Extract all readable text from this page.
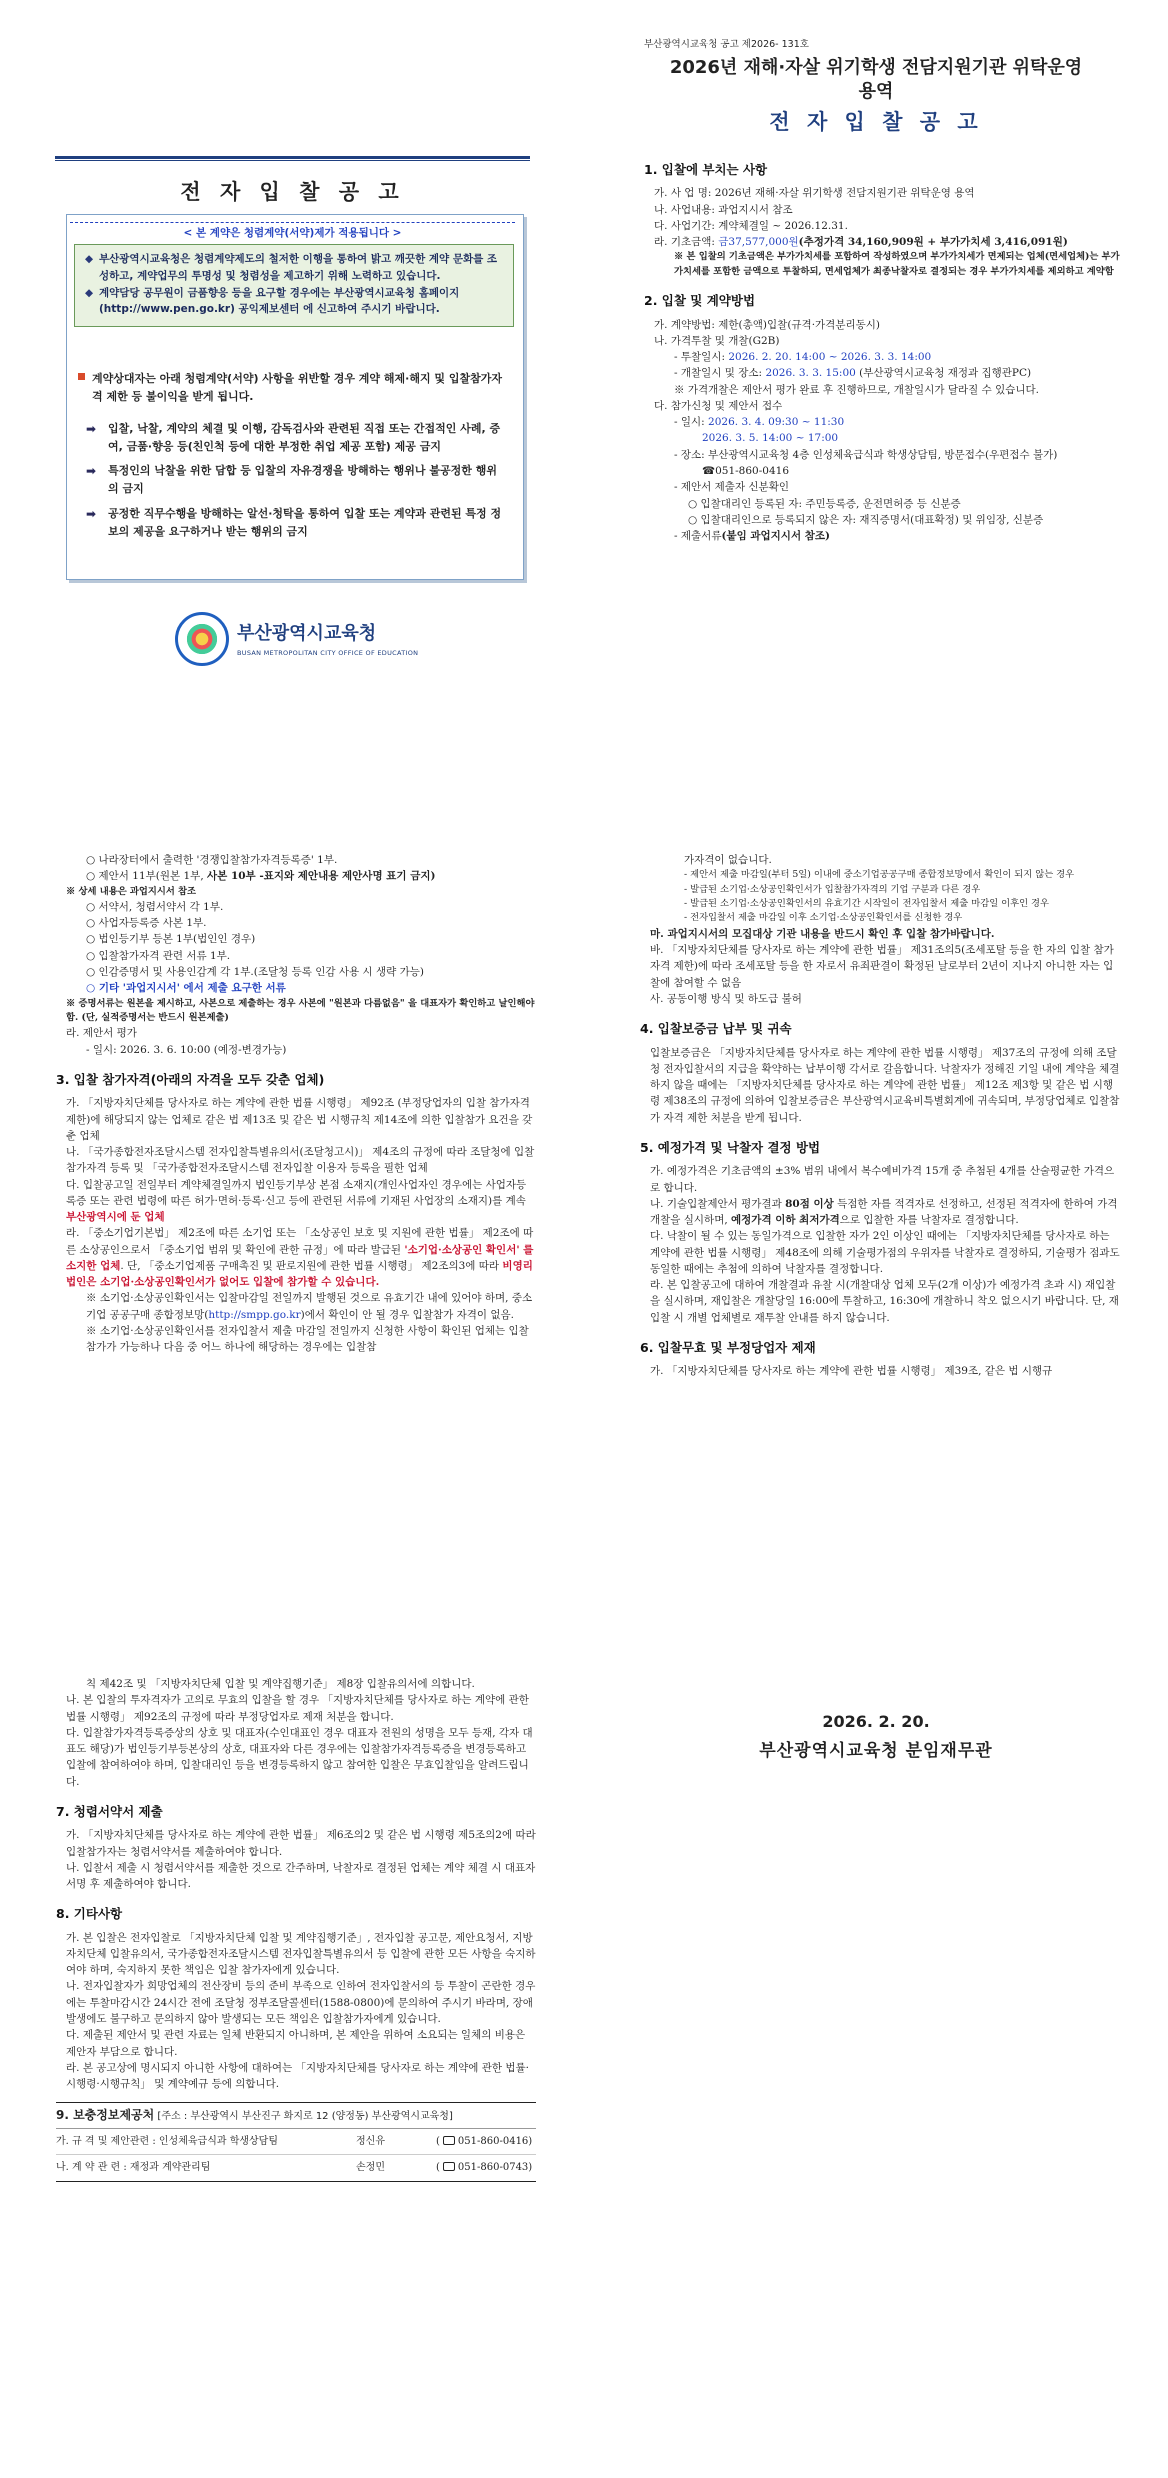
전 자 입 찰 공 고
< 본 계약은 청렴계약(서약)제가 적용됩니다 >
◆ 부산광역시교육청은 청렴계약제도의 철저한 이행을 통하여 밝고 깨끗한 계약 문화를 조성하고, 계약업무의 투명성 및 청렴성을 제고하기 위해 노력하고 있습니다.
◆ 계약담당 공무원이 금품향응 등을 요구할 경우에는 부산광역시교육청 홈페이지(http://www.pen.go.kr) 공익제보센터 에 신고하여 주시기 바랍니다.
계약상대자는 아래 청렴계약(서약) 사항을 위반할 경우 계약 해제·해지 및 입찰참가자격 제한 등 불이익을 받게 됩니다.
➡ 입찰, 낙찰, 계약의 체결 및 이행, 감독검사와 관련된 직접 또는 간접적인 사례, 증여, 금품·향응 등(친인척 등에 대한 부정한 취업 제공 포함) 제공 금지
➡ 특정인의 낙찰을 위한 담합 등 입찰의 자유경쟁을 방해하는 행위나 불공정한 행위의 금지
➡ 공정한 직무수행을 방해하는 알선·청탁을 통하여 입찰 또는 계약과 관련된 특정 정보의 제공을 요구하거나 받는 행위의 금지
부산광역시교육청
BUSAN METROPOLITAN CITY OFFICE OF EDUCATION
부산광역시교육청 공고 제2026- 131호
2026년 재해·자살 위기학생 전담지원기관 위탁운영
용역
전 자 입 찰 공 고
1. 입찰에 부치는 사항
가. 사 업 명: 2026년 재해·자살 위기학생 전담지원기관 위탁운영 용역
나. 사업내용: 과업지시서 참조
다. 사업기간: 계약체결일 ~ 2026.12.31.
라. 기초금액: 금37,577,000원(추정가격 34,160,909원 + 부가가치세 3,416,091원)
※ 본 입찰의 기초금액은 부가가치세를 포함하여 작성하였으며 부가가치세가 면제되는 업체(면세업체)는 부가가치세를 포함한 금액으로 투찰하되, 면세업체가 최종낙찰자로 결정되는 경우 부가가치세를 제외하고 계약함
2. 입찰 및 계약방법
가. 계약방법: 제한(총액)입찰(규격·가격분리동시)
나. 가격투찰 및 개찰(G2B)
- 투찰일시: 2026. 2. 20. 14:00 ~ 2026. 3. 3. 14:00
- 개찰일시 및 장소: 2026. 3. 3. 15:00 (부산광역시교육청 재정과 집행관PC)
※ 가격개찰은 제안서 평가 완료 후 진행하므로, 개찰일시가 달라질 수 있습니다.
다. 참가신청 및 제안서 접수
- 일시: 2026. 3. 4. 09:30 ~ 11:30
2026. 3. 5. 14:00 ~ 17:00
- 장소: 부산광역시교육청 4층 인성체육급식과 학생상담팀, 방문접수(우편접수 불가)
☎051-860-0416
- 제안서 제출자 신분확인
○ 입찰대리인 등록된 자: 주민등록증, 운전면허증 등 신분증
○ 입찰대리인으로 등록되지 않은 자: 재직증명서(대표확정) 및 위임장, 신분증
- 제출서류(붙임 과업지시서 참조)
○ 나라장터에서 출력한 '경쟁입찰참가자격등록증' 1부.
○ 제안서 11부(원본 1부, 사본 10부 -표지와 제안내용 제안사명 표기 금지)
※ 상세 내용은 과업지시서 참조
○ 서약서, 청렴서약서 각 1부.
○ 사업자등록증 사본 1부.
○ 법인등기부 등본 1부(법인인 경우)
○ 입찰참가자격 관련 서류 1부.
○ 인감증명서 및 사용인감계 각 1부.(조달청 등록 인감 사용 시 생략 가능)
○ 기타 '과업지시서' 에서 제출 요구한 서류
※ 증명서류는 원본을 제시하고, 사본으로 제출하는 경우 사본에 "원본과 다름없음" 을 대표자가 확인하고 날인해야함. (단, 실적증명서는 반드시 원본제출)
라. 제안서 평가
- 일시: 2026. 3. 6. 10:00 (예정-변경가능)
3. 입찰 참가자격(아래의 자격을 모두 갖춘 업체)
가. 「지방자치단체를 당사자로 하는 계약에 관한 법률 시행령」 제92조 (부정당업자의 입찰 참가자격 제한)에 해당되지 않는 업체로 같은 법 제13조 및 같은 법 시행규칙 제14조에 의한 입찰참가 요건을 갖춘 업체
나. 「국가종합전자조달시스템 전자입찰특별유의서(조달청고시)」 제4조의 규정에 따라 조달청에 입찰참가자격 등록 및 「국가종합전자조달시스템 전자입찰 이용자 등록을 필한 업체
다. 입찰공고일 전일부터 계약체결일까지 법인등기부상 본점 소재지(개인사업자인 경우에는 사업자등록증 또는 관련 법령에 따른 허가·면허·등록·신고 등에 관련된 서류에 기재된 사업장의 소재지)를 계속 부산광역시에 둔 업체
라. 「중소기업기본법」 제2조에 따른 소기업 또는 「소상공인 보호 및 지원에 관한 법률」 제2조에 따른 소상공인으로서 「중소기업 범위 및 확인에 관한 규정」에 따라 발급된 '소기업·소상공인 확인서' 를 소지한 업체. 단, 「중소기업제품 구매촉진 및 판로지원에 관한 법률 시행령」 제2조의3에 따라 비영리법인은 소기업·소상공인확인서가 없어도 입찰에 참가할 수 있습니다.
※ 소기업·소상공인확인서는 입찰마감일 전일까지 발행된 것으로 유효기간 내에 있어야 하며, 중소기업 공공구매 종합정보망(http://smpp.go.kr)에서 확인이 안 될 경우 입찰참가 자격이 없음.
※ 소기업·소상공인확인서를 전자입찰서 제출 마감일 전일까지 신청한 사항이 확인된 업체는 입찰참가가 가능하나 다음 중 어느 하나에 해당하는 경우에는 입찰참
가자격이 없습니다.
- 제안서 제출 마감일(부터 5일) 이내에 중소기업공공구매 종합정보망에서 확인이 되지 않는 경우
- 발급된 소기업·소상공인확인서가 입찰참가자격의 기업 구분과 다른 경우
- 발급된 소기업·소상공인확인서의 유효기간 시작일이 전자입찰서 제출 마감일 이후인 경우
- 전자입찰서 제출 마감일 이후 소기업·소상공인확인서를 신청한 경우
마. 과업지시서의 모집대상 기관 내용을 반드시 확인 후 입찰 참가바랍니다.
바. 「지방자치단체를 당사자로 하는 계약에 관한 법률」 제31조의5(조세포탈 등을 한 자의 입찰 참가자격 제한)에 따라 조세포탈 등을 한 자로서 유죄판결이 확정된 날로부터 2년이 지나지 아니한 자는 입찰에 참여할 수 없음
사. 공동이행 방식 및 하도급 불허
4. 입찰보증금 납부 및 귀속
입찰보증금은 「지방자치단체를 당사자로 하는 계약에 관한 법률 시행령」 제37조의 규정에 의해 조달청 전자입찰서의 지급을 확약하는 납부이행 각서로 갈음합니다. 낙찰자가 정해진 기일 내에 계약을 체결하지 않을 때에는 「지방자치단체를 당사자로 하는 계약에 관한 법률」 제12조 제3항 및 같은 법 시행령 제38조의 규정에 의하여 입찰보증금은 부산광역시교육비특별회계에 귀속되며, 부정당업체로 입찰참가 자격 제한 처분을 받게 됩니다.
5. 예정가격 및 낙찰자 결정 방법
가. 예정가격은 기초금액의 ±3% 범위 내에서 복수예비가격 15개 중 추첨된 4개를 산술평균한 가격으로 합니다.
나. 기술입찰제안서 평가결과 80점 이상 득점한 자를 적격자로 선정하고, 선정된 적격자에 한하여 가격개찰을 실시하며, 예정가격 이하 최저가격으로 입찰한 자를 낙찰자로 결정합니다.
다. 낙찰이 될 수 있는 동일가격으로 입찰한 자가 2인 이상인 때에는 「지방자치단체를 당사자로 하는 계약에 관한 법률 시행령」 제48조에 의해 기술평가점의 우위자를 낙찰자로 결정하되, 기술평가 점과도 동일한 때에는 추첨에 의하여 낙찰자를 결정합니다.
라. 본 입찰공고에 대하여 개찰결과 유찰 시(개찰대상 업체 모두(2개 이상)가 예정가격 초과 시) 재입찰을 실시하며, 재입찰은 개찰당일 16:00에 투찰하고, 16:30에 개찰하니 착오 없으시기 바랍니다. 단, 재입찰 시 개별 업체별로 재투찰 안내를 하지 않습니다.
6. 입찰무효 및 부정당업자 제재
가. 「지방자치단체를 당사자로 하는 계약에 관한 법률 시행령」 제39조, 같은 법 시행규
칙 제42조 및 「지방자치단체 입찰 및 계약집행기준」 제8장 입찰유의서에 의합니다.
나. 본 입찰의 투자격자가 고의로 무효의 입찰을 할 경우 「지방자치단체를 당사자로 하는 계약에 관한 법률 시행령」 제92조의 규정에 따라 부정당업자로 제재 처분을 합니다.
다. 입찰참가자격등록증상의 상호 및 대표자(수인대표인 경우 대표자 전원의 성명을 모두 등재, 각자 대표도 해당)가 법인등기부등본상의 상호, 대표자와 다른 경우에는 입찰참가자격등록증을 변경등록하고 입찰에 참여하여야 하며, 입찰대리인 등을 변경등록하지 않고 참여한 입찰은 무효입찰임을 알려드립니다.
7. 청렴서약서 제출
가. 「지방자치단체를 당사자로 하는 계약에 관한 법률」 제6조의2 및 같은 법 시행령 제5조의2에 따라 입찰참가자는 청렴서약서를 제출하여야 합니다.
나. 입찰서 제출 시 청렴서약서를 제출한 것으로 간주하며, 낙찰자로 결정된 업체는 계약 체결 시 대표자 서명 후 제출하여야 합니다.
8. 기타사항
가. 본 입찰은 전자입찰로 「지방자치단체 입찰 및 계약집행기준」, 전자입찰 공고문, 제안요청서, 지방자치단체 입찰유의서, 국가종합전자조달시스템 전자입찰특별유의서 등 입찰에 관한 모든 사항을 숙지하여야 하며, 숙지하지 못한 책임은 입찰 참가자에게 있습니다.
나. 전자입찰자가 희망업체의 전산장비 등의 준비 부족으로 인하여 전자입찰서의 등 투찰이 곤란한 경우에는 투찰마감시간 24시간 전에 조달청 정부조달콜센터(1588-0800)에 문의하여 주시기 바라며, 장애발생에도 불구하고 문의하지 않아 발생되는 모든 책임은 입찰참가자에게 있습니다.
다. 제출된 제안서 및 관련 자료는 일체 반환되지 아니하며, 본 제안을 위하여 소요되는 일체의 비용은 제안자 부담으로 합니다.
라. 본 공고상에 명시되지 아니한 사항에 대하여는 「지방자치단체를 당사자로 하는 계약에 관한 법률·시행령·시행규칙」 및 계약예규 등에 의합니다.
9. 보충정보제공처 [주소 : 부산광역시 부산진구 화지로 12 (양정동) 부산광역시교육청]
가. 규 격 및 제안관련 : 인성체육급식과 학생상담팀	정신유	( 051-860-0416)
나. 계 약 관 련 : 재정과 계약관리팀	손정민	( 051-860-0743)
2026. 2. 20.
부산광역시교육청 분임재무관
